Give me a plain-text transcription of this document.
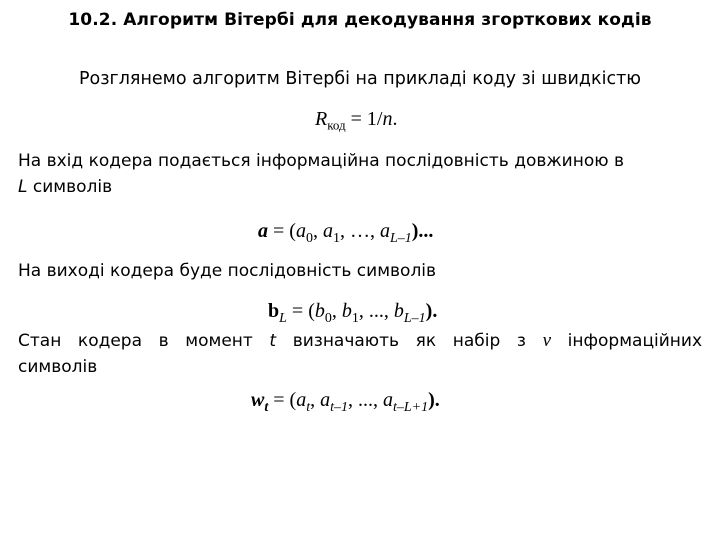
10.2. Алгоритм Вітербі для декодування згорткових кодів
Розглянемо алгоритм Вітербі на прикладі коду зі швидкістю
$R_{код} = 1/n$.
На вхід кодера подається інформаційна послідовність довжиною в
L символів
$a = (a_0$, $a_1$, …, $a_{L-1}$)...
На виході кодера буде послідовність символів
$b_L = (b_0$, $b_1$, ..., $b_{L-1}$).
Стан кодера в момент t визначають як набір з ν інформаційних
символів
$w_t = (a_t$, $a_{t-1}$, ..., $a_{t-L+1}$).
